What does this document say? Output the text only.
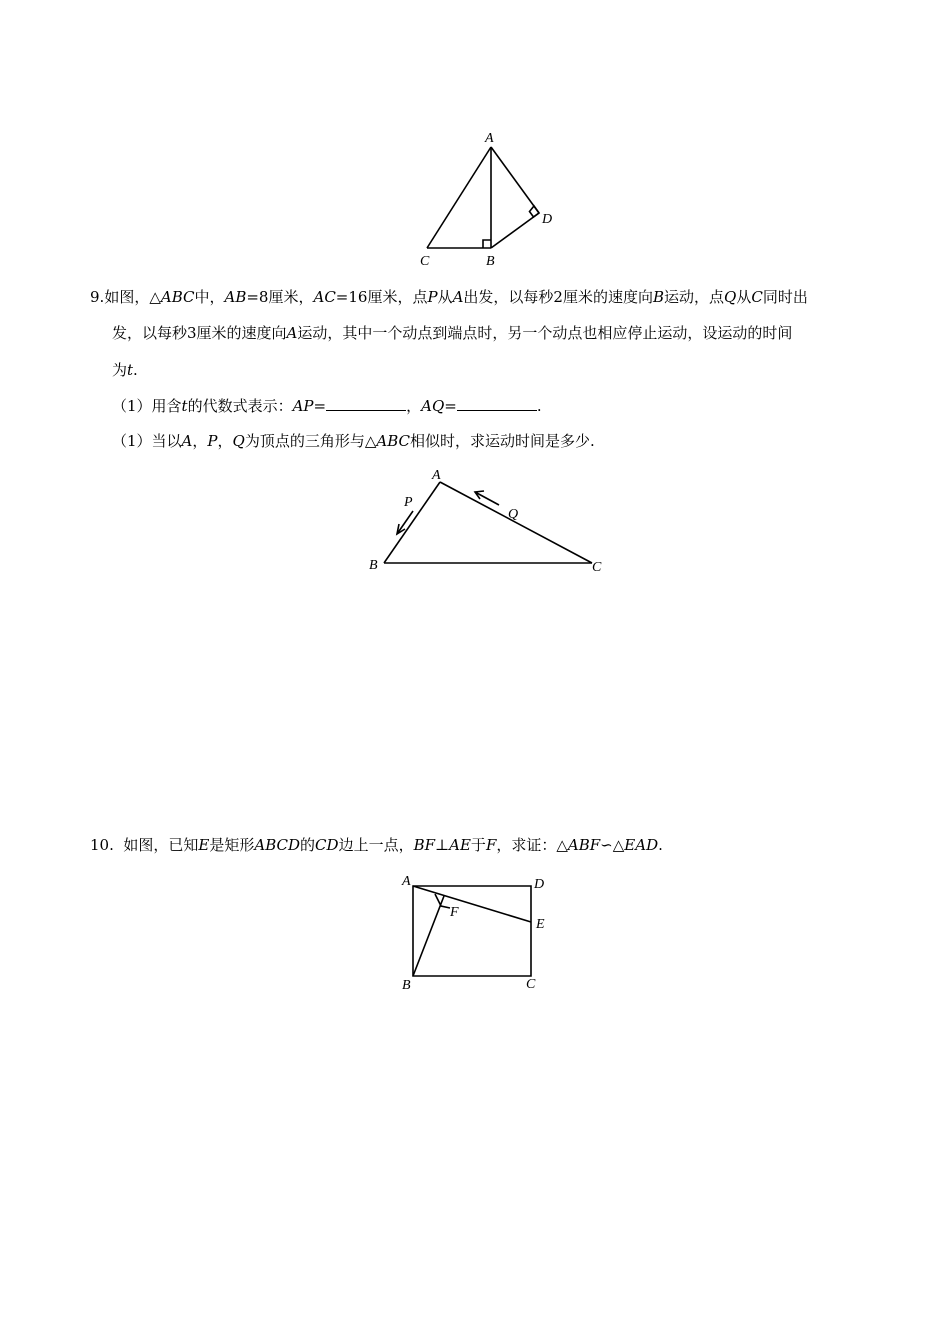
A
B
C
D
9.如图，△ABC中，AB=8厘米，AC=16厘米，点P从A出发，以每秒2厘米的速度向B运动，点Q从C同时出
发，以每秒3厘米的速度向A运动，其中一个动点到端点时，另一个动点也相应停止运动，设运动的时间
为t.
（1）用含t的代数式表示：AP=	，AQ=	.
（1）当以A，P，Q为顶点的三角形与△ABC相似时，求运动时间是多少.
A
B	C
P
Q
10. 如图，已知E是矩形ABCD的CD边上一点，BF⊥AE于F，求证：△ABF∽△EAD.
A	D
E
F
B	C
